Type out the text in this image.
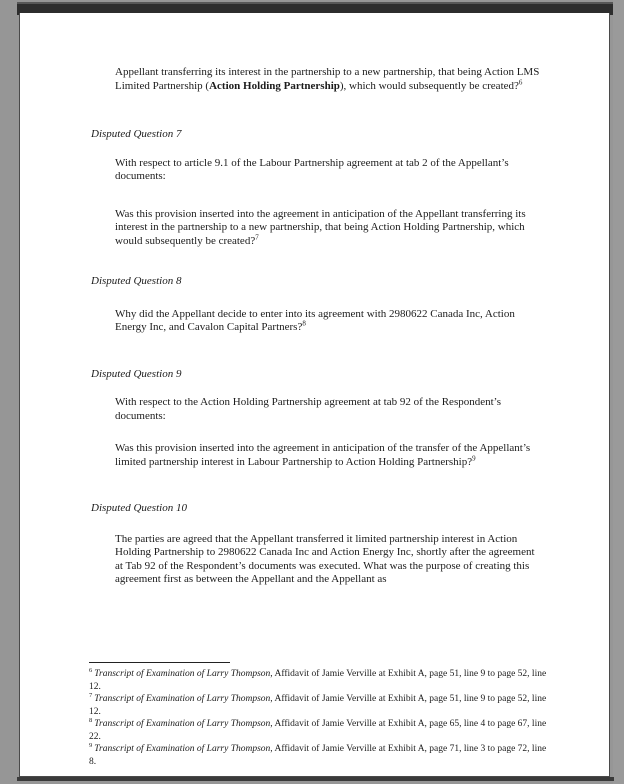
Appellant transferring its interest in the partnership to a new partnership, that being Action LMS Limited Partnership (Action Holding Partnership), which would subsequently be created?$^6$

Disputed Question 7

With respect to article 9.1 of the Labour Partnership agreement at tab 2 of the Appellant’s documents:

Was this provision inserted into the agreement in anticipation of the Appellant transferring its interest in the partnership to a new partnership, that being Action Holding Partnership, which would subsequently be created?$^7$

Disputed Question 8

Why did the Appellant decide to enter into its agreement with 2980622 Canada Inc, Action Energy Inc, and Cavalon Capital Partners?$^8$

Disputed Question 9

With respect to the Action Holding Partnership agreement at tab 92 of the Respondent’s documents:

Was this provision inserted into the agreement in anticipation of the transfer of the Appellant’s limited partnership interest in Labour Partnership to Action Holding Partnership?$^9$

Disputed Question 10

The parties are agreed that the Appellant transferred it limited partnership interest in Action Holding Partnership to 2980622 Canada Inc and Action Energy Inc, shortly after the agreement at Tab 92 of the Respondent’s documents was executed. What was the purpose of creating this agreement first as between the Appellant and the Appellant as

$^6$ Transcript of Examination of Larry Thompson, Affidavit of Jamie Verville at Exhibit A, page 51, line 9 to page 52, line 12.

$^7$ Transcript of Examination of Larry Thompson, Affidavit of Jamie Verville at Exhibit A, page 51, line 9 to page 52, line 12.

$^8$ Transcript of Examination of Larry Thompson, Affidavit of Jamie Verville at Exhibit A, page 65, line 4 to page 67, line 22.

$^9$ Transcript of Examination of Larry Thompson, Affidavit of Jamie Verville at Exhibit A, page 71, line 3 to page 72, line 8.
